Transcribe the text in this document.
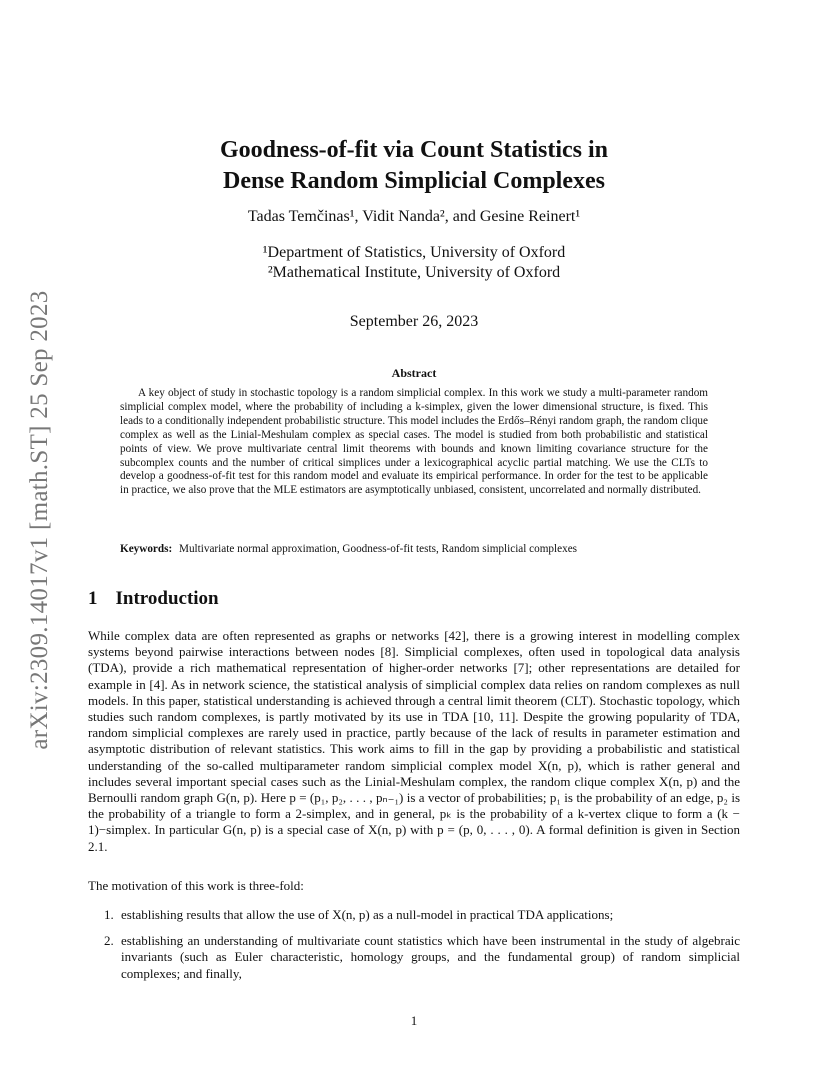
arXiv:2309.14017v1 [math.ST] 25 Sep 2023
Goodness-of-fit via Count Statistics in
Dense Random Simplicial Complexes
Tadas Temčinas¹, Vidit Nanda², and Gesine Reinert¹
¹Department of Statistics, University of Oxford
²Mathematical Institute, University of Oxford
September 26, 2023
Abstract
A key object of study in stochastic topology is a random simplicial complex. In this work we study a multi-parameter random simplicial complex model, where the probability of including a k-simplex, given the lower dimensional structure, is fixed. This leads to a conditionally independent probabilistic structure. This model includes the Erdős–Rényi random graph, the random clique complex as well as the Linial-Meshulam complex as special cases. The model is studied from both probabilistic and statistical points of view. We prove multivariate central limit theorems with bounds and known limiting covariance structure for the subcomplex counts and the number of critical simplices under a lexicographical acyclic partial matching. We use the CLTs to develop a goodness-of-fit test for this random model and evaluate its empirical performance. In order for the test to be applicable in practice, we also prove that the MLE estimators are asymptotically unbiased, consistent, uncorrelated and normally distributed.
Keywords: Multivariate normal approximation, Goodness-of-fit tests, Random simplicial complexes
1 Introduction
While complex data are often represented as graphs or networks [42], there is a growing interest in modelling complex systems beyond pairwise interactions between nodes [8]. Simplicial complexes, often used in topological data analysis (TDA), provide a rich mathematical representation of higher-order networks [7]; other representations are detailed for example in [4]. As in network science, the statistical analysis of simplicial complex data relies on random complexes as null models. In this paper, statistical understanding is achieved through a central limit theorem (CLT). Stochastic topology, which studies such random complexes, is partly motivated by its use in TDA [10, 11]. Despite the growing popularity of TDA, random simplicial complexes are rarely used in practice, partly because of the lack of results in parameter estimation and asymptotic distribution of relevant statistics. This work aims to fill in the gap by providing a probabilistic and statistical understanding of the so-called multiparameter random simplicial complex model X(n, p), which is rather general and includes several important special cases such as the Linial-Meshulam complex, the random clique complex X(n, p) and the Bernoulli random graph G(n, p). Here p = (p₁, p₂, . . . , pₙ₋₁) is a vector of probabilities; p₁ is the probability of an edge, p₂ is the probability of a triangle to form a 2-simplex, and in general, pₖ is the probability of a k-vertex clique to form a (k − 1)−simplex. In particular G(n, p) is a special case of X(n, p) with p = (p, 0, . . . , 0). A formal definition is given in Section 2.1.
The motivation of this work is three-fold:
1. establishing results that allow the use of X(n, p) as a null-model in practical TDA applications;
2. establishing an understanding of multivariate count statistics which have been instrumental in the study of algebraic invariants (such as Euler characteristic, homology groups, and the fundamental group) of random simplicial complexes; and finally,
1
